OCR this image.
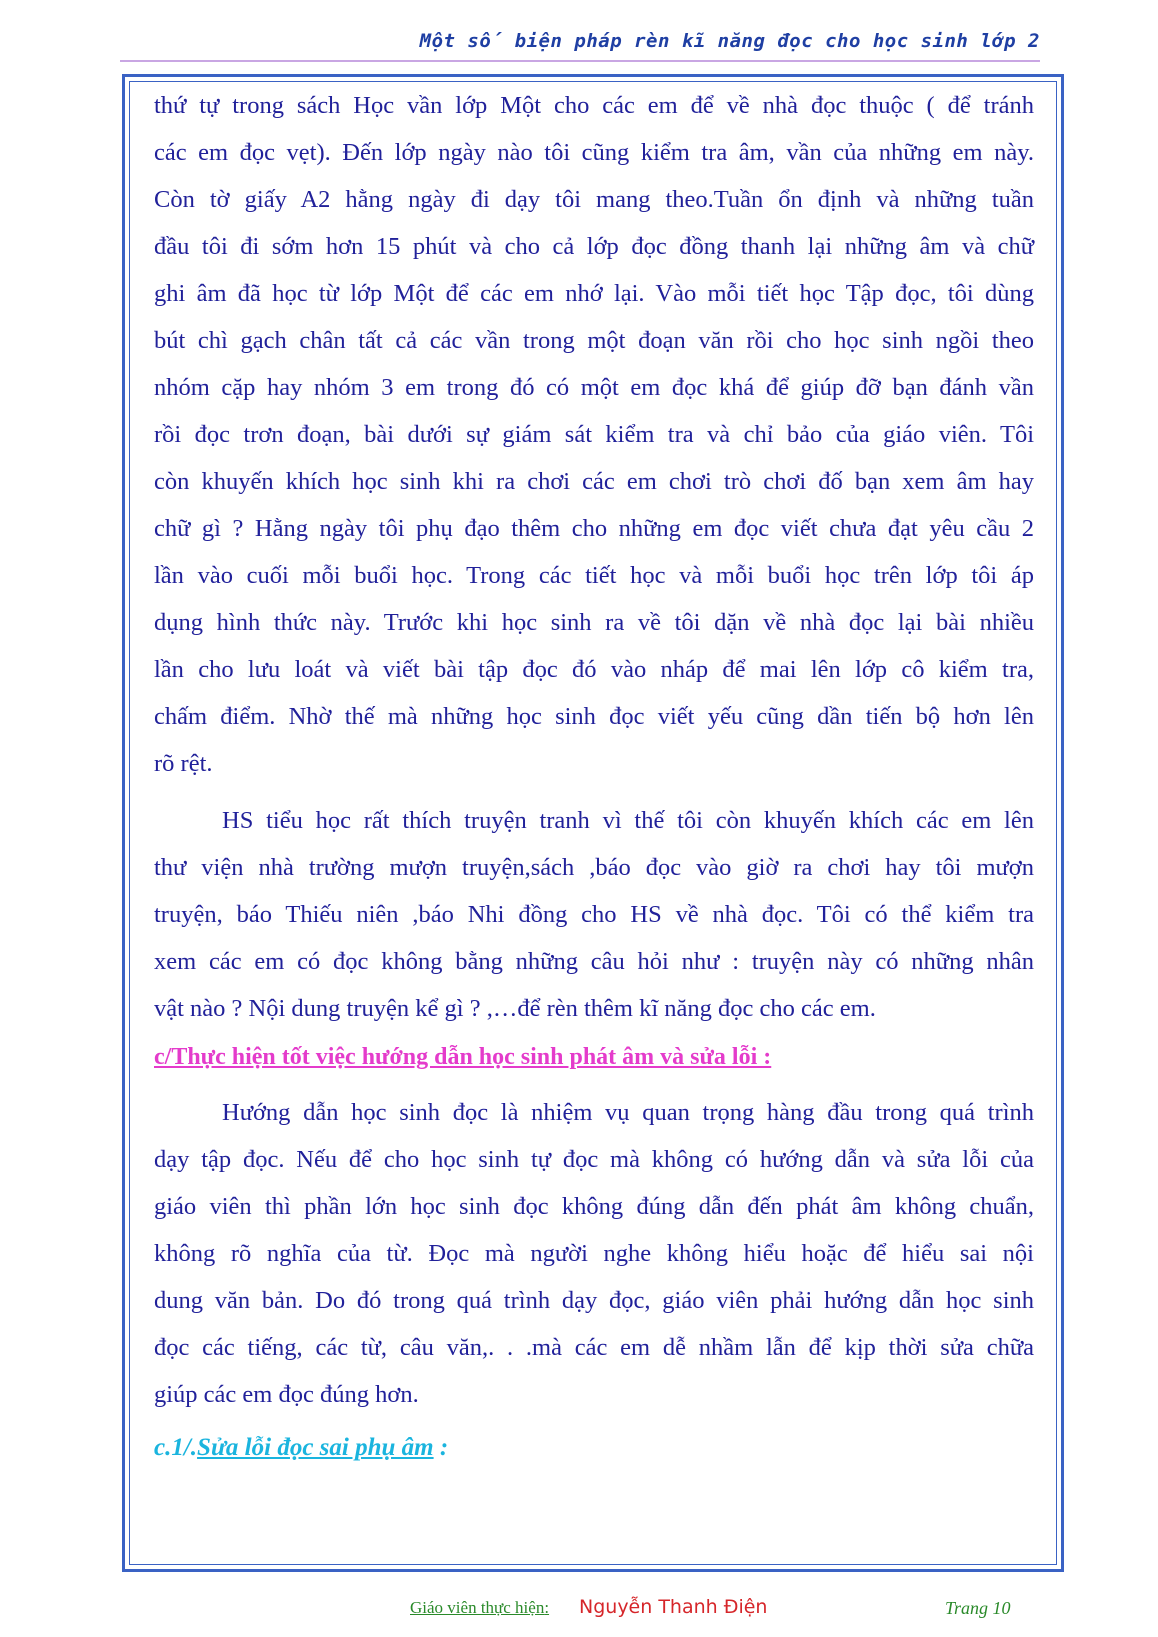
Một số biện pháp rèn kĩ năng đọc cho học sinh lớp 2
thứ tự trong sách Học vần lớp Một cho các em để về nhà đọc thuộc ( để tránh
các em đọc vẹt). Đến lớp ngày nào tôi cũng kiểm tra âm, vần của những em này.
Còn tờ giấy A2 hằng ngày đi dạy tôi mang theo.Tuần ổn định và những tuần
đầu tôi đi sớm hơn 15 phút và cho cả lớp đọc đồng thanh lại những âm và chữ
ghi âm đã học từ lớp Một để các em nhớ lại. Vào mỗi tiết học Tập đọc, tôi dùng
bút chì gạch chân tất cả các vần trong một đoạn văn rồi cho học sinh ngồi theo
nhóm cặp hay nhóm 3 em trong đó có một em đọc khá để giúp đỡ bạn đánh vần
rồi đọc trơn đoạn, bài dưới sự giám sát kiểm tra và chỉ bảo của giáo viên. Tôi
còn khuyến khích học sinh khi ra chơi các em chơi trò chơi đố bạn xem âm hay
chữ gì ? Hằng ngày tôi phụ đạo thêm cho những em đọc viết chưa đạt yêu cầu 2
lần vào cuối mỗi buổi học. Trong các tiết học và mỗi buổi học trên lớp tôi áp
dụng hình thức này. Trước khi học sinh ra về tôi dặn về nhà đọc lại bài nhiều
lần cho lưu loát và viết bài tập đọc đó vào nháp để mai lên lớp cô kiểm tra,
chấm điểm. Nhờ thế mà những học sinh đọc viết yếu cũng dần tiến bộ hơn lên
rõ rệt.
HS tiểu học rất thích truyện tranh vì thế tôi còn khuyến khích các em lên
thư viện nhà trường mượn truyện,sách ,báo đọc vào giờ ra chơi hay tôi mượn
truyện, báo Thiếu niên ,báo Nhi đồng cho HS về nhà đọc. Tôi có thể kiểm tra
xem các em có đọc không bằng những câu hỏi như : truyện này có những nhân
vật nào ? Nội dung truyện kể gì ? ,…để rèn thêm kĩ năng đọc cho các em.
c/Thực hiện tốt việc hướng dẫn học sinh phát âm và sửa lỗi :
Hướng dẫn học sinh đọc là nhiệm vụ quan trọng hàng đầu trong quá trình
dạy tập đọc. Nếu để cho học sinh tự đọc mà không có hướng dẫn và sửa lỗi của
giáo viên thì phần lớn học sinh đọc không đúng dẫn đến phát âm không chuẩn,
không rõ nghĩa của từ. Đọc mà người nghe không hiểu hoặc để hiểu sai nội
dung văn bản. Do đó trong quá trình dạy đọc, giáo viên phải hướng dẫn học sinh
đọc các tiếng, các từ, câu văn,. . .mà các em dễ nhầm lẫn để kịp thời sửa chữa
giúp các em đọc đúng hơn.
c.1/.Sửa lỗi đọc sai phụ âm :
Giáo viên thực hiện: Nguyễn Thanh Điện	Trang 10
